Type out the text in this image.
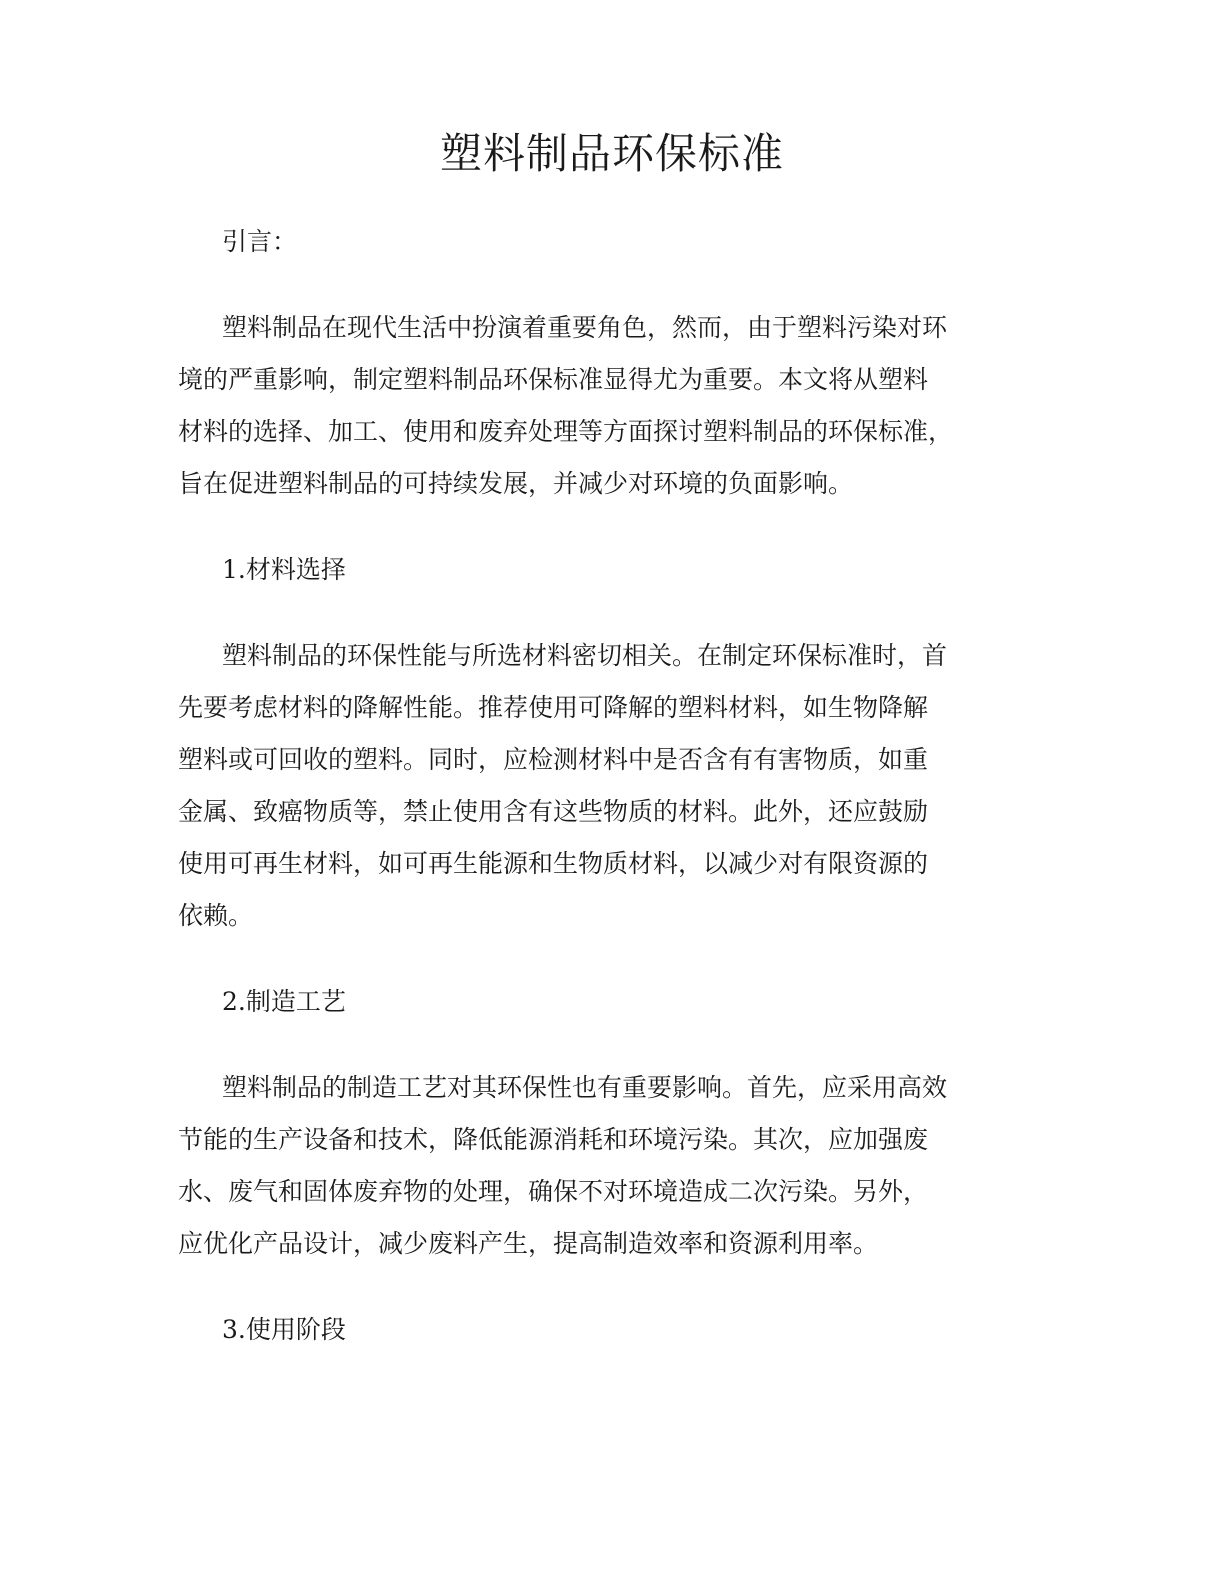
塑料制品环保标准

引言：

塑料制品在现代生活中扮演着重要角色，然而，由于塑料污染对环
境的严重影响，制定塑料制品环保标准显得尤为重要。本文将从塑料
材料的选择、加工、使用和废弃处理等方面探讨塑料制品的环保标准，
旨在促进塑料制品的可持续发展，并减少对环境的负面影响。

1.材料选择

塑料制品的环保性能与所选材料密切相关。在制定环保标准时，首
先要考虑材料的降解性能。推荐使用可降解的塑料材料，如生物降解
塑料或可回收的塑料。同时，应检测材料中是否含有有害物质，如重
金属、致癌物质等，禁止使用含有这些物质的材料。此外，还应鼓励
使用可再生材料，如可再生能源和生物质材料，以减少对有限资源的
依赖。

2.制造工艺

塑料制品的制造工艺对其环保性也有重要影响。首先，应采用高效
节能的生产设备和技术，降低能源消耗和环境污染。其次，应加强废
水、废气和固体废弃物的处理，确保不对环境造成二次污染。另外，
应优化产品设计，减少废料产生，提高制造效率和资源利用率。

3.使用阶段
